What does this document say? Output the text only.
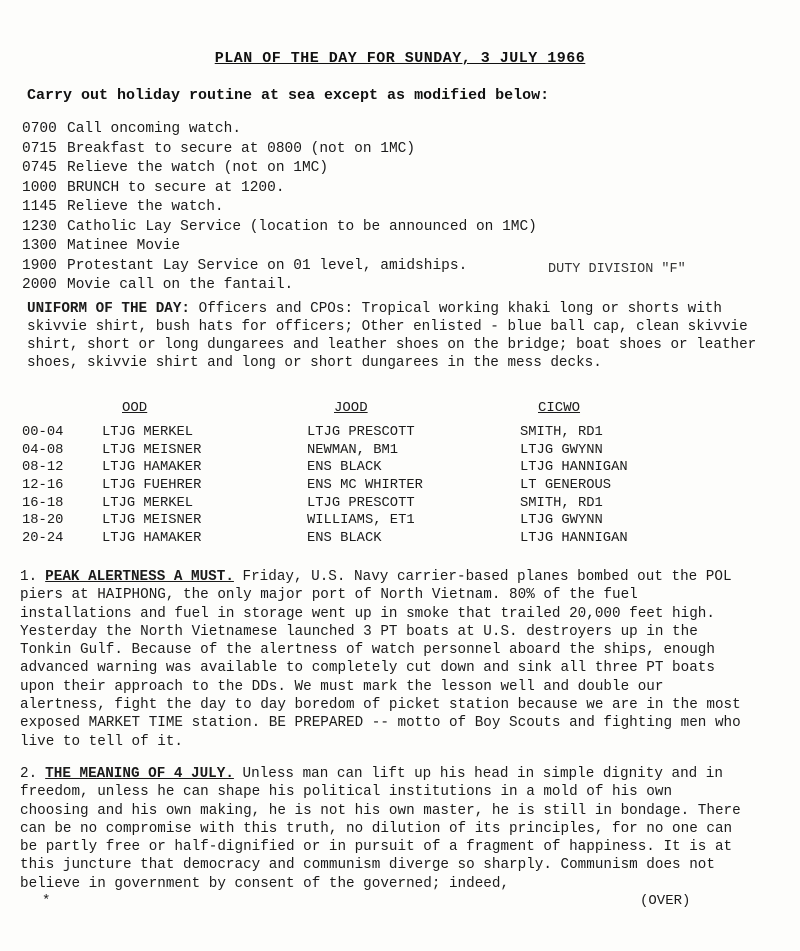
PLAN OF THE DAY FOR SUNDAY, 3 JULY 1966
Carry out holiday routine at sea except as modified below:
0700 Call oncoming watch.
0715 Breakfast to secure at 0800 (not on 1MC)
0745 Relieve the watch (not on 1MC)
1000 BRUNCH to secure at 1200.
1145 Relieve the watch.
1230 Catholic Lay Service (location to be announced on 1MC)
1300 Matinee Movie
1900 Protestant Lay Service on 01 level, amidships.
2000 Movie call on the fantail.
DUTY DIVISION "F"
UNIFORM OF THE DAY: Officers and CPOs: Tropical working khaki long or shorts with skivvie shirt, bush hats for officers; Other enlisted - blue ball cap, clean skivvie shirt, short or long dungarees and leather shoes on the bridge; boat shoes or leather shoes, skivvie shirt and long or short dungarees in the mess decks.
OOD	JOOD	CICWO
00-04	LTJG MERKEL	LTJG PRESCOTT	SMITH, RD1
04-08	LTJG MEISNER	NEWMAN, BM1	LTJG GWYNN
08-12	LTJG HAMAKER	ENS BLACK	LTJG HANNIGAN
12-16	LTJG FUEHRER	ENS MC WHIRTER	LT GENEROUS
16-18	LTJG MERKEL	LTJG PRESCOTT	SMITH, RD1
18-20	LTJG MEISNER	WILLIAMS, ET1	LTJG GWYNN
20-24	LTJG HAMAKER	ENS BLACK	LTJG HANNIGAN
1. PEAK ALERTNESS A MUST. Friday, U.S. Navy carrier-based planes bombed out the POL piers at HAIPHONG, the only major port of North Vietnam. 80% of the fuel installations and fuel in storage went up in smoke that trailed 20,000 feet high. Yesterday the North Vietnamese launched 3 PT boats at U.S. destroyers up in the Tonkin Gulf. Because of the alertness of watch personnel aboard the ships, enough advanced warning was available to completely cut down and sink all three PT boats upon their approach to the DDs. We must mark the lesson well and double our alertness, fight the day to day boredom of picket station because we are in the most exposed MARKET TIME station. BE PREPARED -- motto of Boy Scouts and fighting men who live to tell of it.
2. THE MEANING OF 4 JULY. Unless man can lift up his head in simple dignity and in freedom, unless he can shape his political institutions in a mold of his own choosing and his own making, he is not his own master, he is still in bondage. There can be no compromise with this truth, no dilution of its principles, for no one can be partly free or half-dignified or in pursuit of a fragment of happiness. It is at this juncture that democracy and communism diverge so sharply. Communism does not believe in government by consent of the governed; indeed,
*	(OVER)
